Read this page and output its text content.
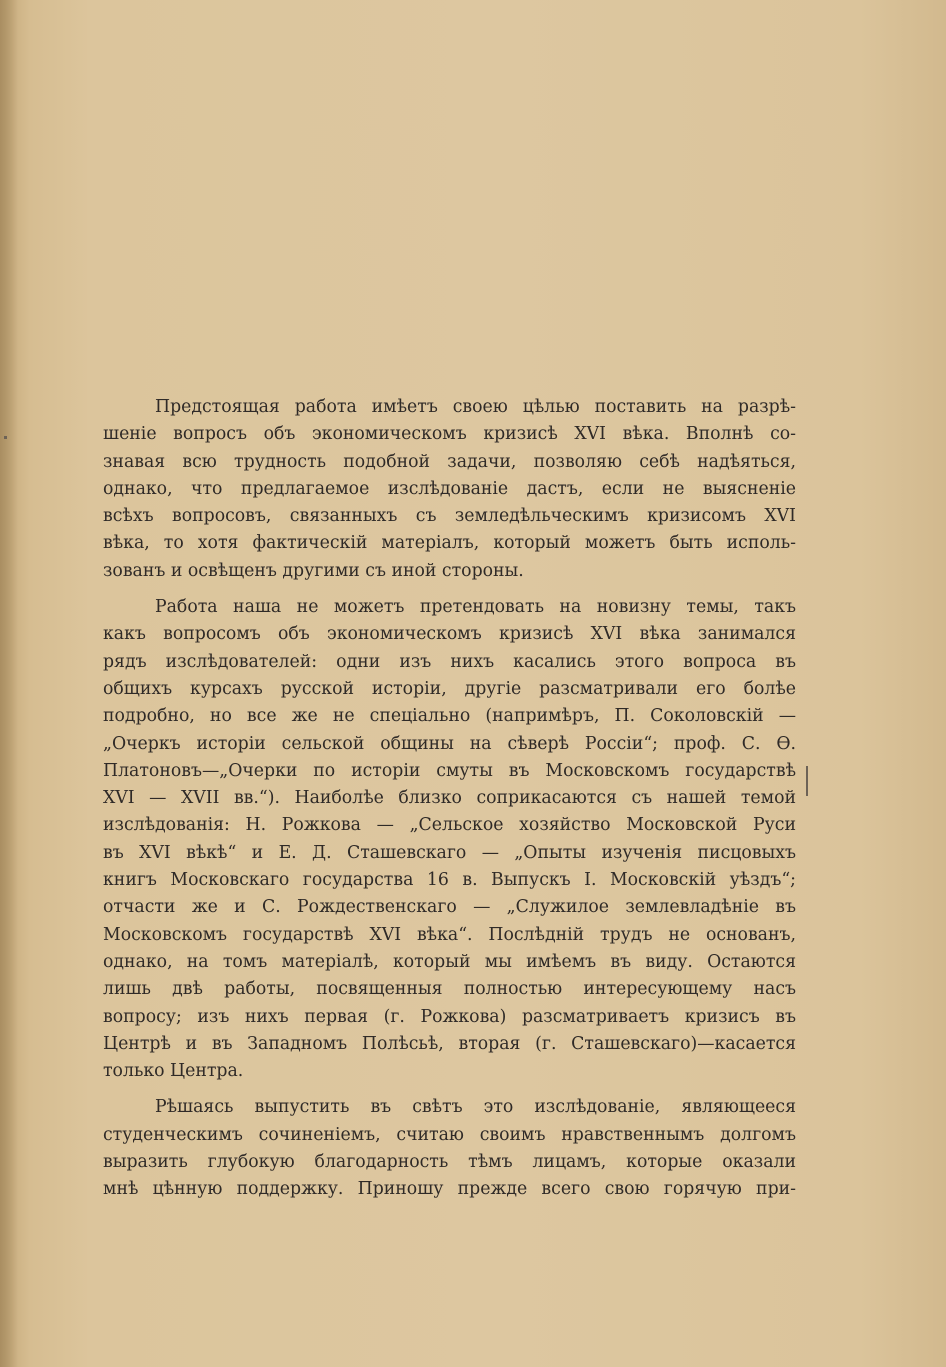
Предстоящая работа имѣетъ своею цѣлью поставить на разрѣ-
шеніе вопросъ объ экономическомъ кризисѣ XVI вѣка. Вполнѣ со-
знавая всю трудность подобной задачи, позволяю себѣ надѣяться,
однако, что предлагаемое изслѣдованіе дастъ, если не выясненіе
всѣхъ вопросовъ, связанныхъ съ земледѣльческимъ кризисомъ XVI
вѣка, то хотя фактическій матеріалъ, который можетъ быть исполь-
зованъ и освѣщенъ другими съ иной стороны.
Работа наша не можетъ претендовать на новизну темы, такъ
какъ вопросомъ объ экономическомъ кризисѣ XVI вѣка занимался
рядъ изслѣдователей: одни изъ нихъ касались этого вопроса въ
общихъ курсахъ русской исторіи, другіе разсматривали его болѣе
подробно, но все же не спеціально (напримѣръ, П. Соколовскій —
„Очеркъ исторіи сельской общины на сѣверѣ Россіи“; проф. С. Ѳ.
Платоновъ—„Очерки по исторіи смуты въ Московскомъ государствѣ
XVI — XVII вв.“). Наиболѣе близко соприкасаются съ нашей темой
изслѣдованія: Н. Рожкова — „Сельское хозяйство Московской Руси
въ XVI вѣкѣ“ и Е. Д. Сташевскаго — „Опыты изученія писцовыхъ
книгъ Московскаго государства 16 в. Выпускъ I. Московскій уѣздъ“;
отчасти же и С. Рождественскаго — „Служилое землевладѣніе въ
Московскомъ государствѣ XVI вѣка“. Послѣдній трудъ не основанъ,
однако, на томъ матеріалѣ, который мы имѣемъ въ виду. Остаются
лишь двѣ работы, посвященныя полностью интересующему насъ
вопросу; изъ нихъ первая (г. Рожкова) разсматриваетъ кризисъ въ
Центрѣ и въ Западномъ Полѣсьѣ, вторая (г. Сташевскаго)—касается
только Центра.
Рѣшаясь выпустить въ свѣтъ это изслѣдованіе, являющееся
студенческимъ сочиненіемъ, считаю своимъ нравственнымъ долгомъ
выразить глубокую благодарность тѣмъ лицамъ, которые оказали
мнѣ цѣнную поддержку. Приношу прежде всего свою горячую при-
